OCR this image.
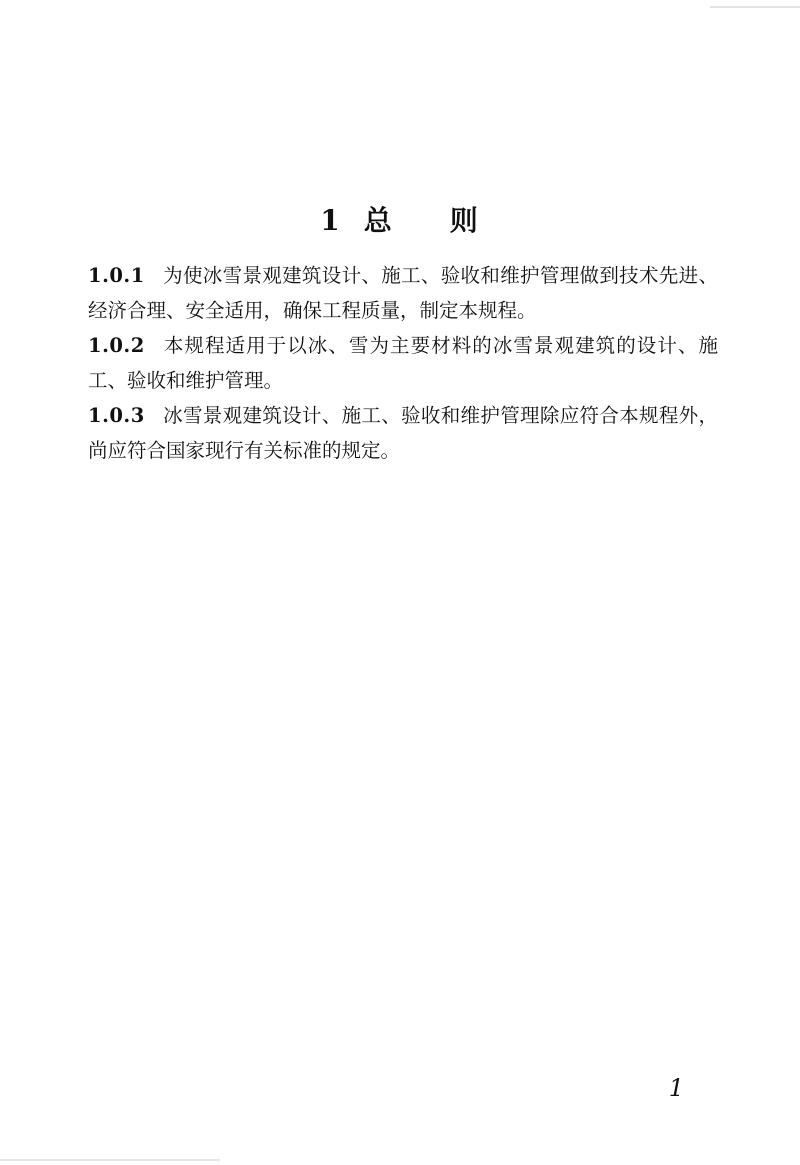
1 总 则

1.0.1 为使冰雪景观建筑设计、施工、验收和维护管理做到技术先进、经济合理、安全适用，确保工程质量，制定本规程。

1.0.2 本规程适用于以冰、雪为主要材料的冰雪景观建筑的设计、施工、验收和维护管理。

1.0.3 冰雪景观建筑设计、施工、验收和维护管理除应符合本规程外，尚应符合国家现行有关标准的规定。

1
